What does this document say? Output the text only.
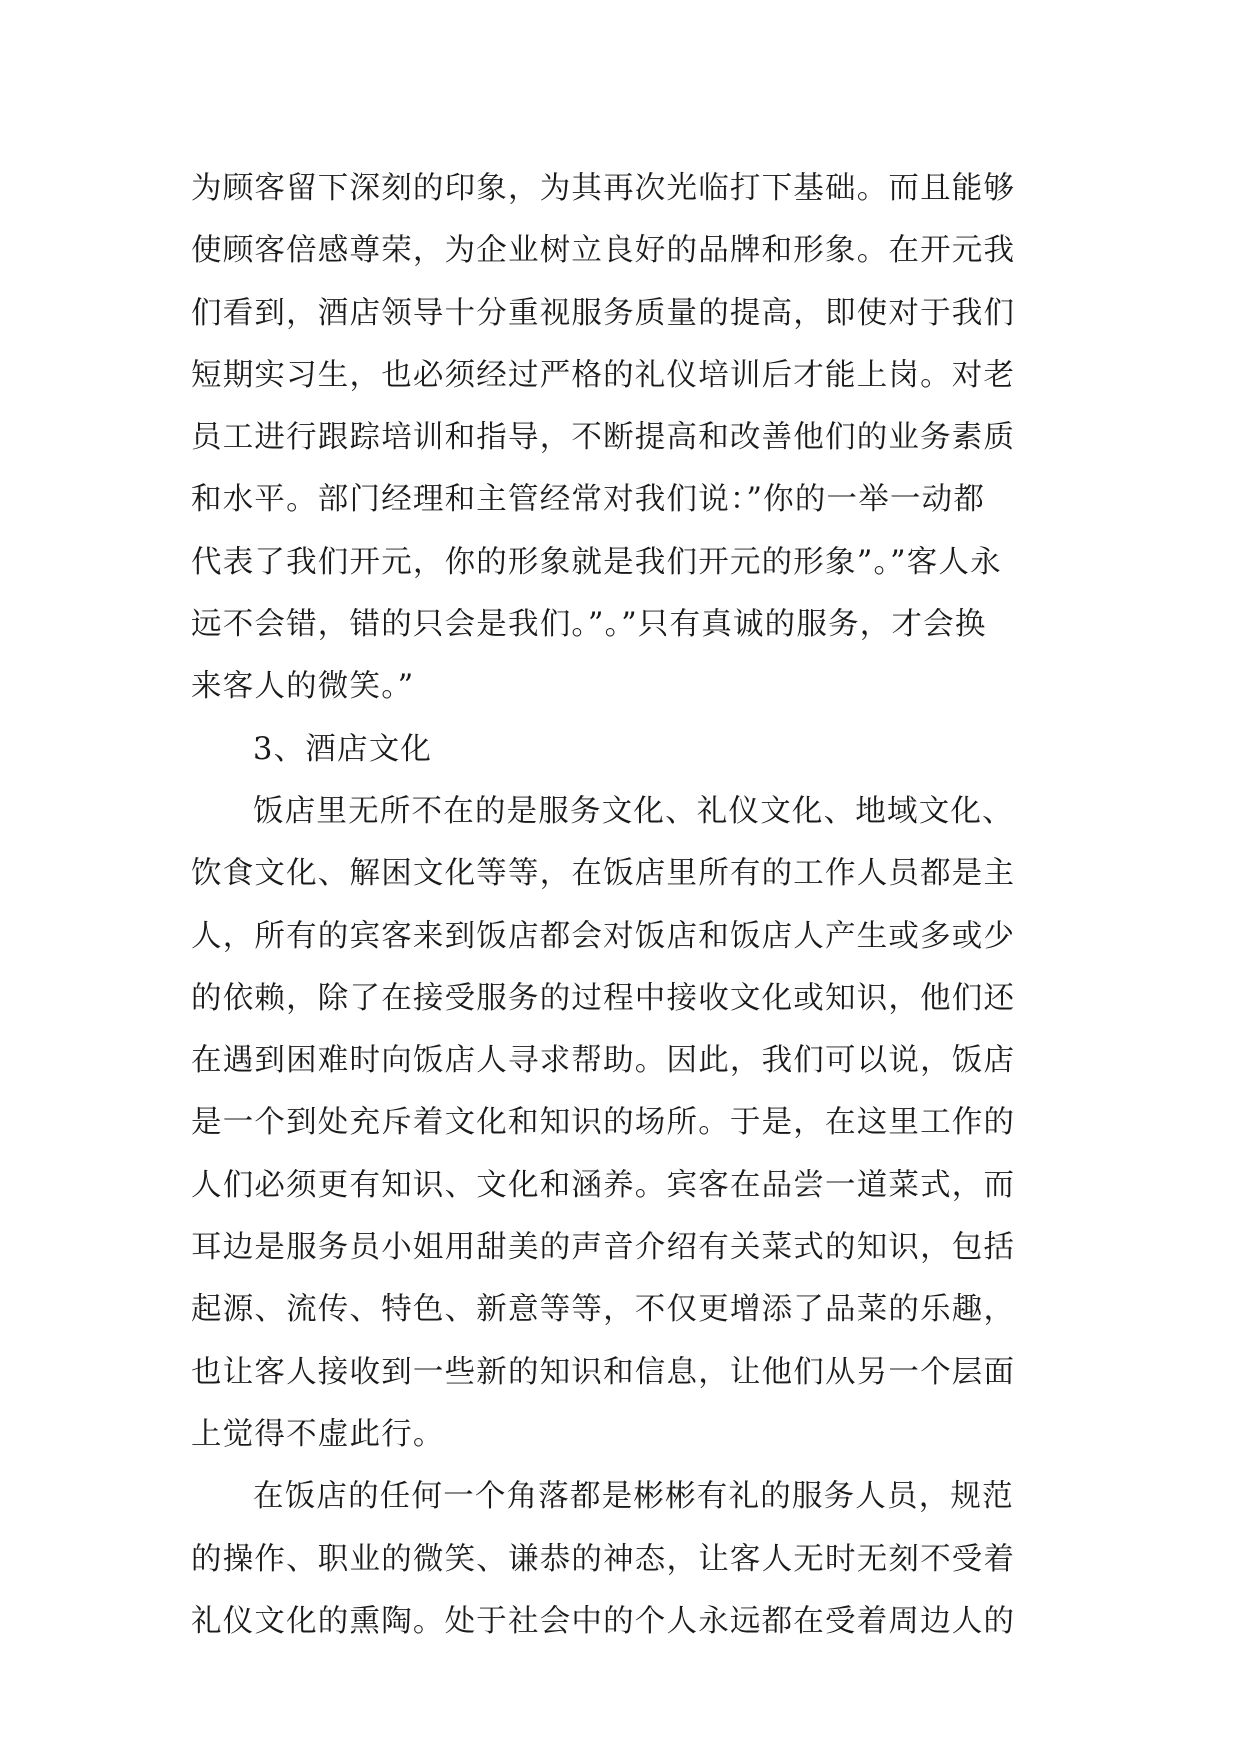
为顾客留下深刻的印象，为其再次光临打下基础。而且能够
使顾客倍感尊荣，为企业树立良好的品牌和形象。在开元我
们看到，酒店领导十分重视服务质量的提高，即使对于我们
短期实习生，也必须经过严格的礼仪培训后才能上岗。对老
员工进行跟踪培训和指导，不断提高和改善他们的业务素质
和水平。部门经理和主管经常对我们说：”你的一举一动都
代表了我们开元，你的形象就是我们开元的形象”。”客人永
远不会错，错的只会是我们。”。”只有真诚的服务，才会换
来客人的微笑。”
3、酒店文化
饭店里无所不在的是服务文化、礼仪文化、地域文化、
饮食文化、解困文化等等，在饭店里所有的工作人员都是主
人，所有的宾客来到饭店都会对饭店和饭店人产生或多或少
的依赖，除了在接受服务的过程中接收文化或知识，他们还
在遇到困难时向饭店人寻求帮助。因此，我们可以说，饭店
是一个到处充斥着文化和知识的场所。于是，在这里工作的
人们必须更有知识、文化和涵养。宾客在品尝一道菜式，而
耳边是服务员小姐用甜美的声音介绍有关菜式的知识，包括
起源、流传、特色、新意等等，不仅更增添了品菜的乐趣，
也让客人接收到一些新的知识和信息，让他们从另一个层面
上觉得不虚此行。
在饭店的任何一个角落都是彬彬有礼的服务人员，规范
的操作、职业的微笑、谦恭的神态，让客人无时无刻不受着
礼仪文化的熏陶。处于社会中的个人永远都在受着周边人的
